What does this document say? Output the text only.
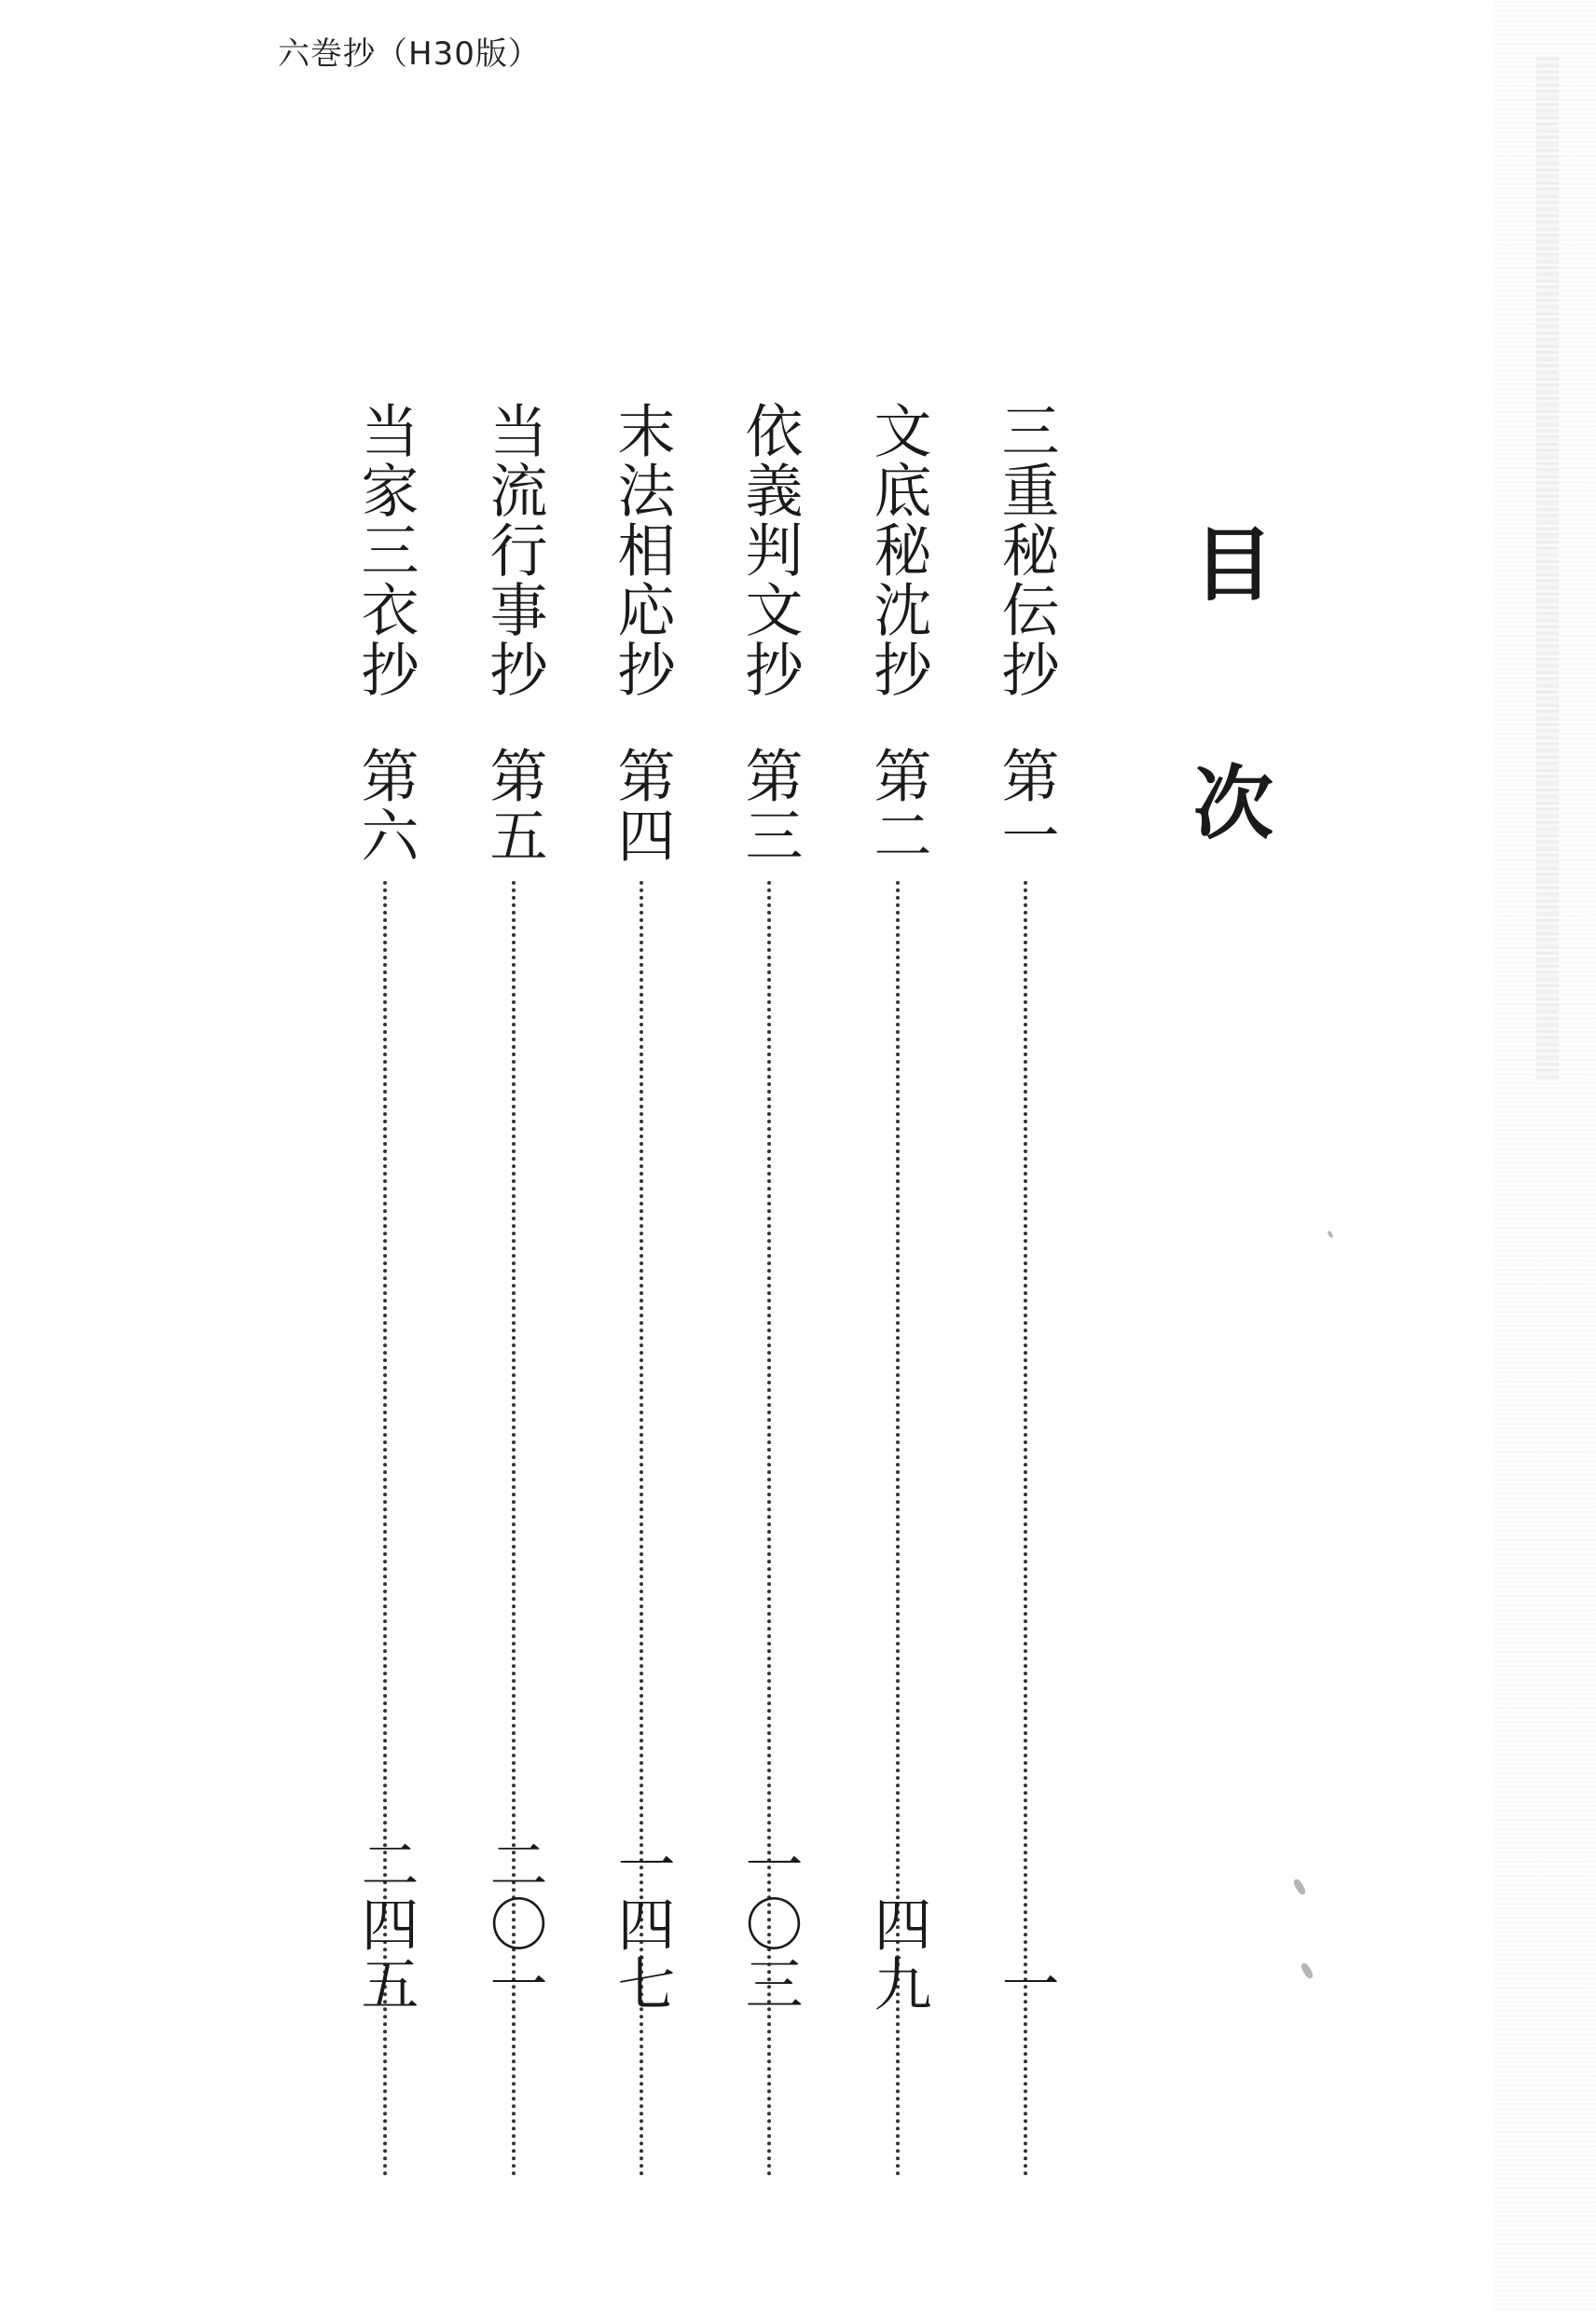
六巻抄（H30版）
目次
三重秘伝抄
第一
一
文底秘沈抄
第二
四九
依義判文抄
第三
一〇三
末法相応抄
第四
一四七
当流行事抄
第五
二〇一
当家三衣抄
第六
二四五
